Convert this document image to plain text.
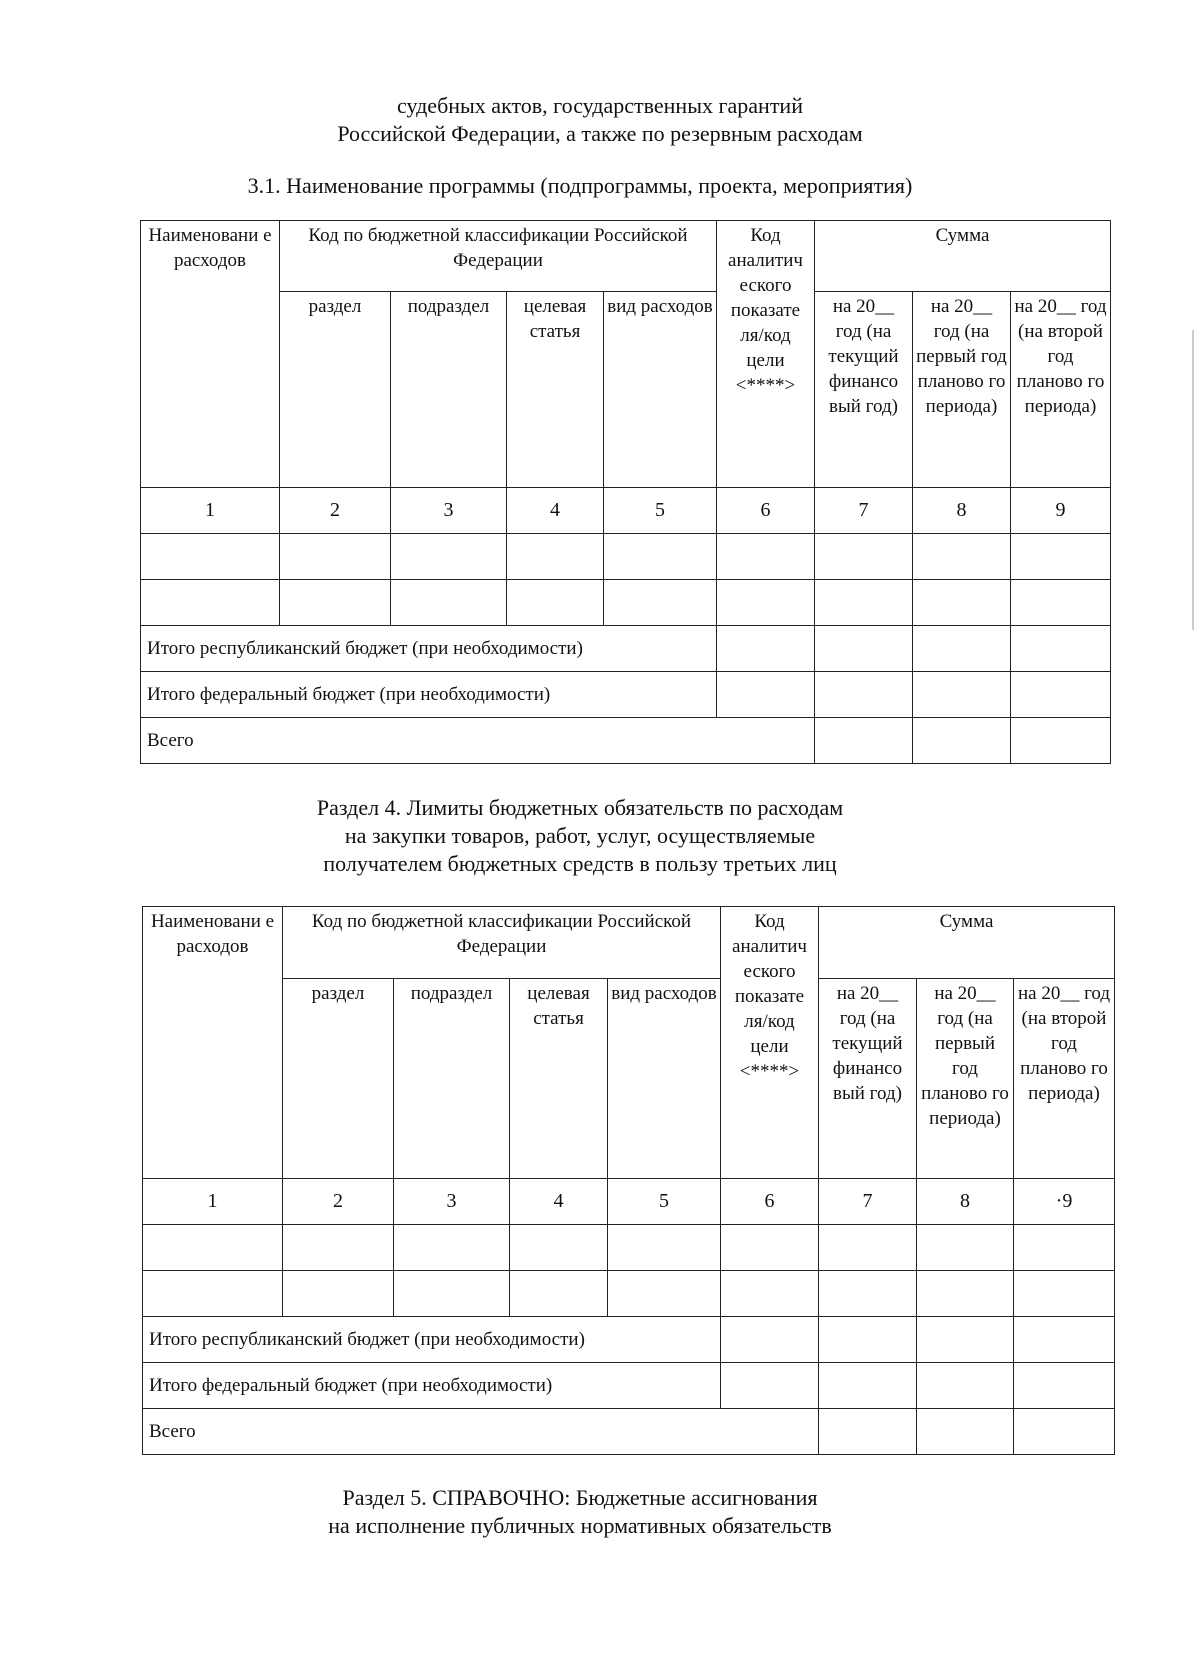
судебных актов, государственных гарантий
Российской Федерации, а также по резервным расходам
3.1. Наименование программы (подпрограммы, проекта, мероприятия)
Наименовани е расходов	Код по бюджетной классификации Российской Федерации				Код аналитич еского показате ля/код цели <****>	Сумма		
	раздел	подраздел	целевая статья	вид расходов		на 20__ год (на текущий финансо вый год)	на 20__ год (на первый год планово го периода)	на 20__ год (на второй год планово го периода)
1	2	3	4	5	6	7	8	9

Итого республиканский бюджет (при необходимости)								
Итого федеральный бюджет (при необходимости)								
Всего								
Раздел 4. Лимиты бюджетных обязательств по расходам
на закупки товаров, работ, услуг, осуществляемые
получателем бюджетных средств в пользу третьих лиц
Наименовани е расходов	Код по бюджетной классификации Российской Федерации				Код аналитич еского показате ля/код цели <****>	Сумма		
	раздел	подраздел	целевая статья	вид расходов		на 20__ год (на текущий финансо вый год)	на 20__ год (на первый год планово го периода)	на 20__ год (на второй год планово го периода)
1	2	3	4	5	6	7	8	·9

Итого республиканский бюджет (при необходимости)								
Итого федеральный бюджет (при необходимости)								
Всего								
Раздел 5. СПРАВОЧНО: Бюджетные ассигнования
на исполнение публичных нормативных обязательств
